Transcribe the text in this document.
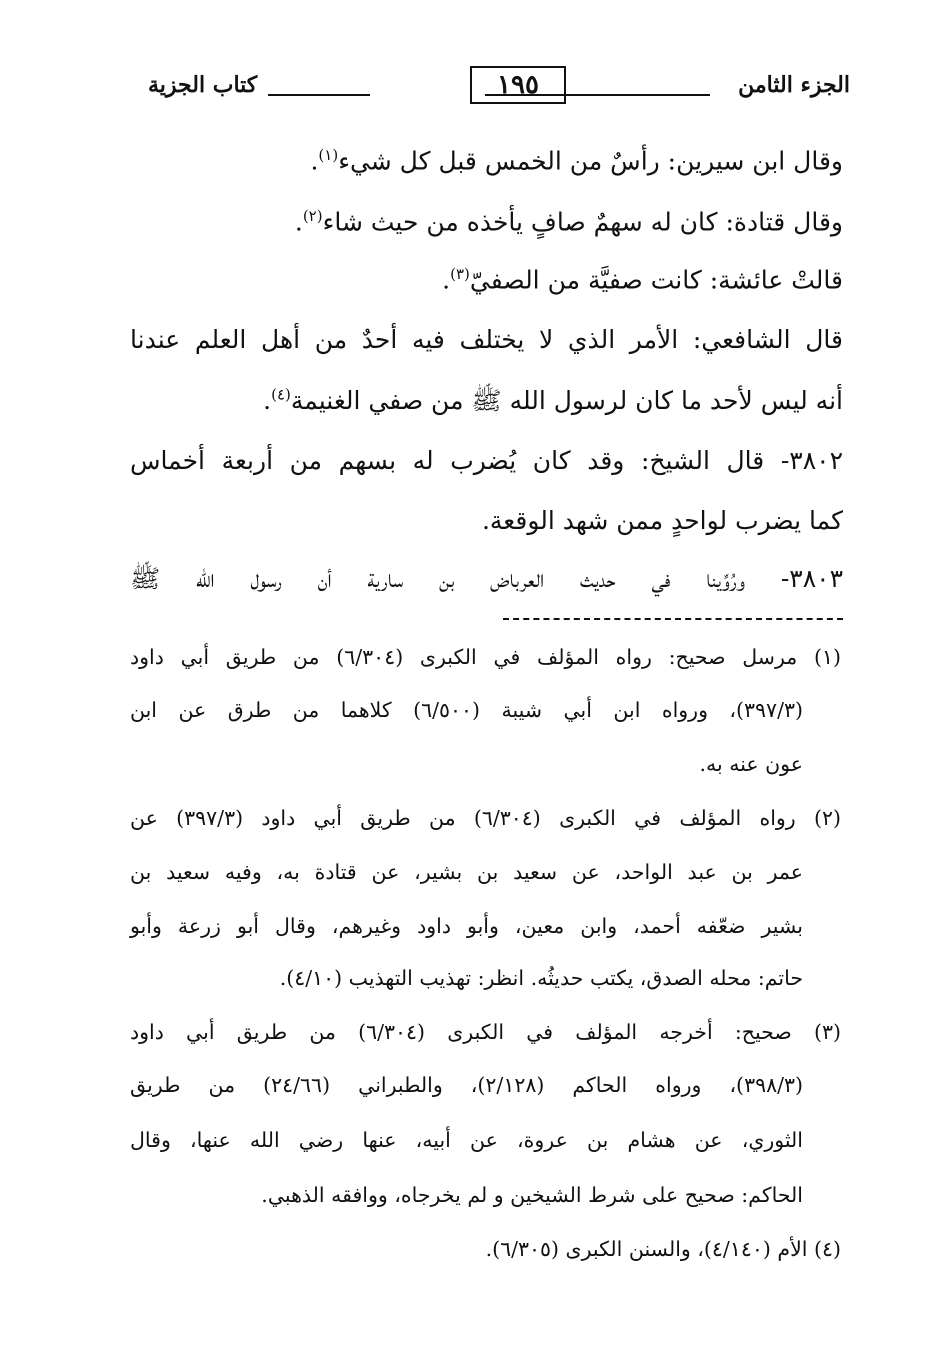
الجزء الثامن
١٩٥
كتاب الجزية
وقال ابن سيرين: رأسٌ من الخمس قبل كل شيء$^{(١)}$.
وقال قتادة: كان له سهمٌ صافٍ يأخذه من حيث شاء$^{(٢)}$.
قالتْ عائشة: كانت صفيَّة من الصفيّ$^{(٣)}$.
قال الشافعي: الأمر الذي لا يختلف فيه أحدٌ من أهل العلم عندنا
أنه ليس لأحد ما كان لرسول الله ﷺ من صفي الغنيمة$^{(٤)}$.
٣٨٠٢- قال الشيخ: وقد كان يُضرب له بسهم من أربعة أخماس
كما يضرب لواحدٍ ممن شهد الوقعة.
٣٨٠٣- ورُوِّينا في حديث العرباض بن سارية أن رسول الله ﷺ
(١) مرسل صحيح: رواه المؤلف في الكبرى (٦/٣٠٤) من طريق أبي داود
(٣٩٧/٣)، ورواه ابن أبي شيبة (٦/٥٠٠) كلاهما من طرق عن ابن
عون عنه به.
(٢) رواه المؤلف في الكبرى (٦/٣٠٤) من طريق أبي داود (٣٩٧/٣) عن
عمر بن عبد الواحد، عن سعيد بن بشير، عن قتادة به، وفيه سعيد بن
بشير ضعّفه أحمد، وابن معين، وأبو داود وغيرهم، وقال أبو زرعة وأبو
حاتم: محله الصدق، يكتب حديثُه. انظر: تهذيب التهذيب (٤/١٠).
(٣) صحيح: أخرجه المؤلف في الكبرى (٦/٣٠٤) من طريق أبي داود
(٣٩٨/٣)، ورواه الحاكم (٢/١٢٨)، والطبراني (٢٤/٦٦) من طريق
الثوري، عن هشام بن عروة، عن أبيه، عنها رضي الله عنها، وقال
الحاكم: صحيح على شرط الشيخين و لم يخرجاه، ووافقه الذهبي.
(٤) الأم (٤/١٤٠)، والسنن الكبرى (٦/٣٠٥).
